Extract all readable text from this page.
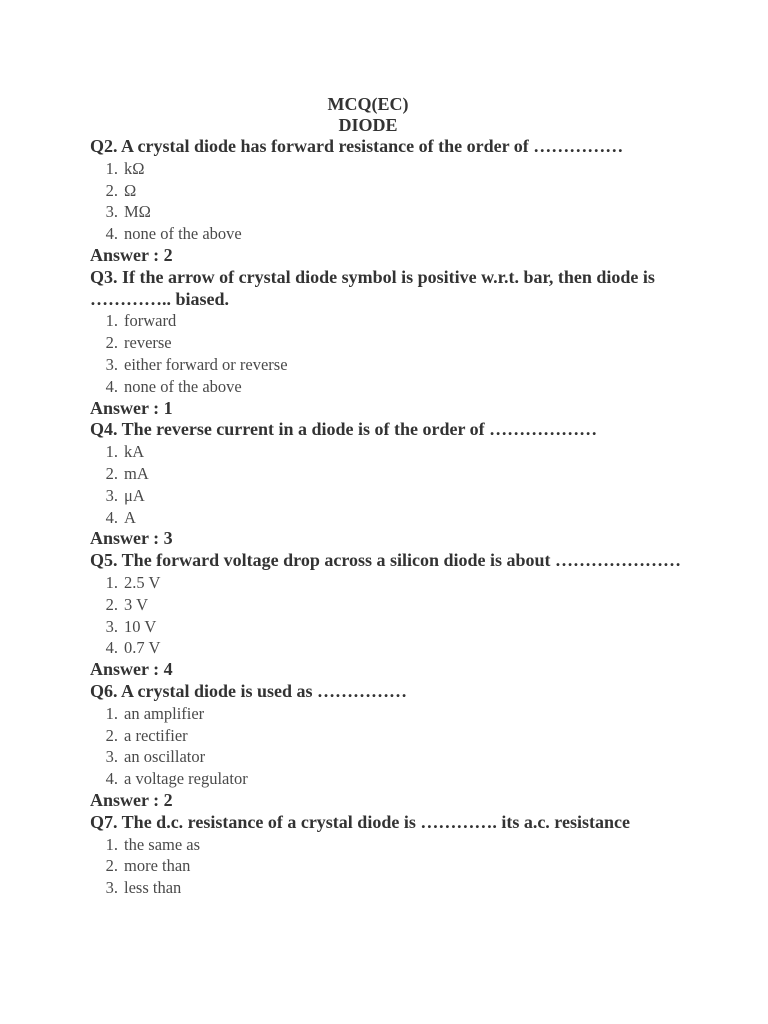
MCQ(EC)

DIODE

Q2. A crystal diode has forward resistance of the order of ……………

1. kΩ
2. Ω
3. MΩ
4. none of the above

Answer : 2

Q3. If the arrow of crystal diode symbol is positive w.r.t. bar, then diode is ………….. biased.

1. forward
2. reverse
3. either forward or reverse
4. none of the above

Answer : 1

Q4. The reverse current in a diode is of the order of ………………

1. kA
2. mA
3. μA
4. A

Answer : 3

Q5. The forward voltage drop across a silicon diode is about …………………

1. 2.5 V
2. 3 V
3. 10 V
4. 0.7 V

Answer : 4

Q6. A crystal diode is used as ……………

1. an amplifier
2. a rectifier
3. an oscillator
4. a voltage regulator

Answer : 2

Q7. The d.c. resistance of a crystal diode is …………. its a.c. resistance

1. the same as
2. more than
3. less than
